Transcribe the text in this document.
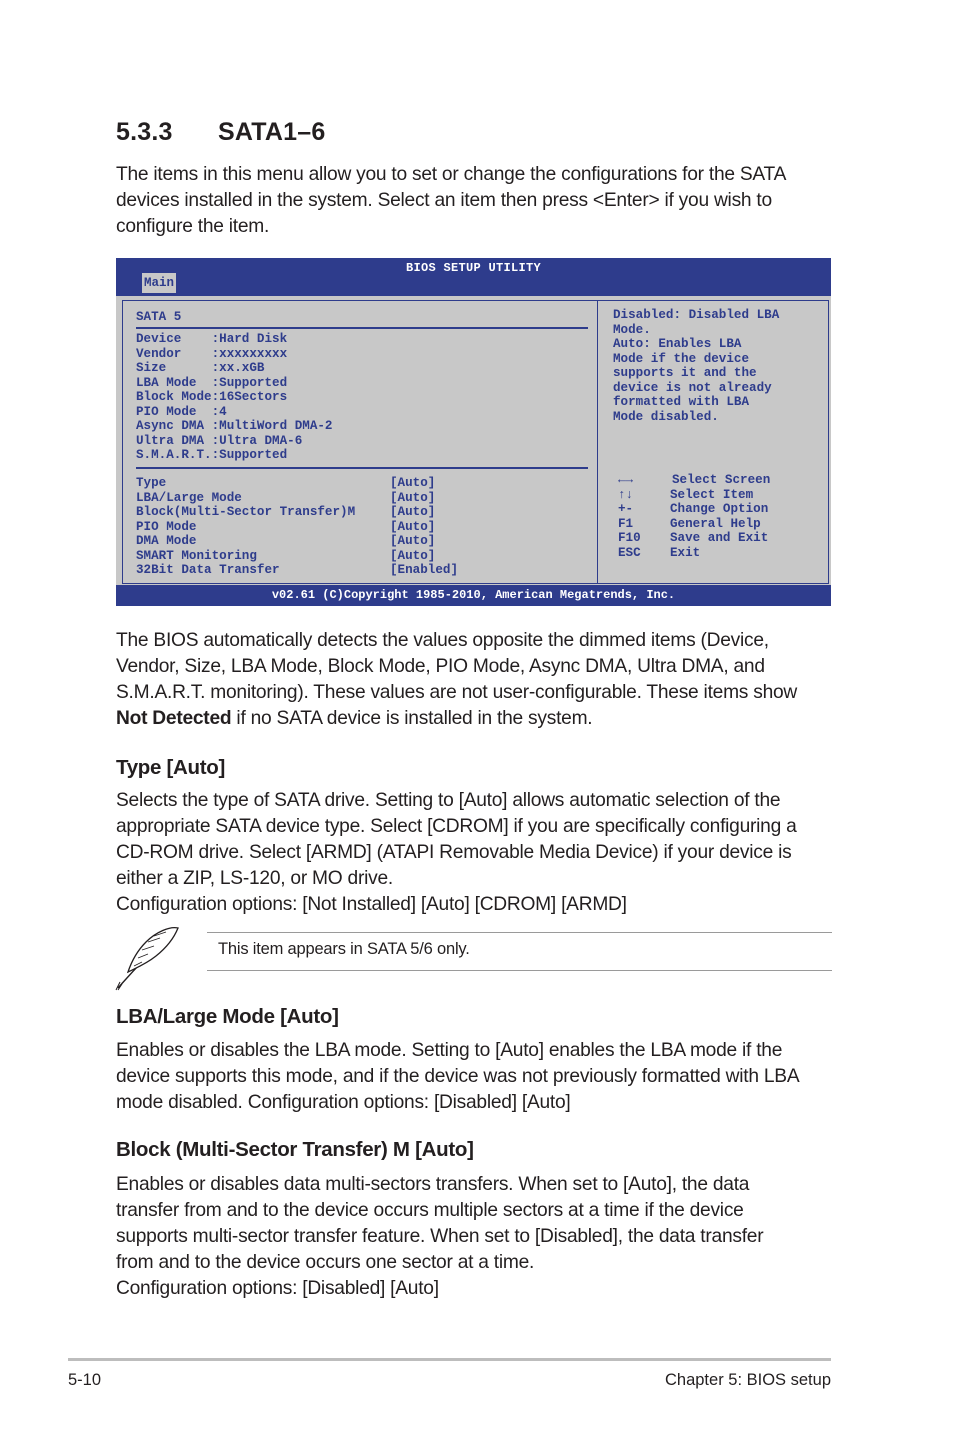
5.3.3 SATA1–6

The items in this menu allow you to set or change the configurations for the SATA

devices installed in the system. Select an item then press <Enter> if you wish to

configure the item.

BIOS SETUP UTILITY
Main
SATA 5
Device    :Hard Disk
Vendor    :xxxxxxxxx
Size      :xx.xGB
LBA Mode  :Supported
Block Mode:16Sectors
PIO Mode  :4
Async DMA :MultiWord DMA-2
Ultra DMA :Ultra DMA-6
S.M.A.R.T.:Supported
Type	[Auto]
LBA/Large Mode	[Auto]
Block(Multi-Sector Transfer)M	[Auto]
PIO Mode	[Auto]
DMA Mode	[Auto]
SMART Monitoring	[Auto]
32Bit Data Transfer	[Enabled]
Disabled: Disabled LBA
Mode.
Auto: Enables LBA
Mode if the device
supports it and the
device is not already
formatted with LBA
Mode disabled.
←→	Select Screen
↑↓	Select Item
+-	Change Option
F1	General Help
F10 Save and Exit
ESC Exit
v02.61 (C)Copyright 1985-2010, American Megatrends, Inc.

The BIOS automatically detects the values opposite the dimmed items (Device,

Vendor, Size, LBA Mode, Block Mode, PIO Mode, Async DMA, Ultra DMA, and

S.M.A.R.T. monitoring). These values are not user-configurable. These items show

Not Detected if no SATA device is installed in the system.

Type [Auto]

Selects the type of SATA drive. Setting to [Auto] allows automatic selection of the

appropriate SATA device type. Select [CDROM] if you are specifically configuring a

CD-ROM drive. Select [ARMD] (ATAPI Removable Media Device) if your device is

either a ZIP, LS-120, or MO drive.

Configuration options: [Not Installed] [Auto] [CDROM] [ARMD]

This item appears in SATA 5/6 only.
LBA/Large Mode [Auto]

Enables or disables the LBA mode. Setting to [Auto] enables the LBA mode if the

device supports this mode, and if the device was not previously formatted with LBA

mode disabled. Configuration options: [Disabled] [Auto]

Block (Multi-Sector Transfer) M [Auto]

Enables or disables data multi-sectors transfers. When set to [Auto], the data

transfer from and to the device occurs multiple sectors at a time if the device

supports multi-sector transfer feature. When set to [Disabled], the data transfer

from and to the device occurs one sector at a time.

Configuration options: [Disabled] [Auto]

5-10	Chapter 5: BIOS setup
